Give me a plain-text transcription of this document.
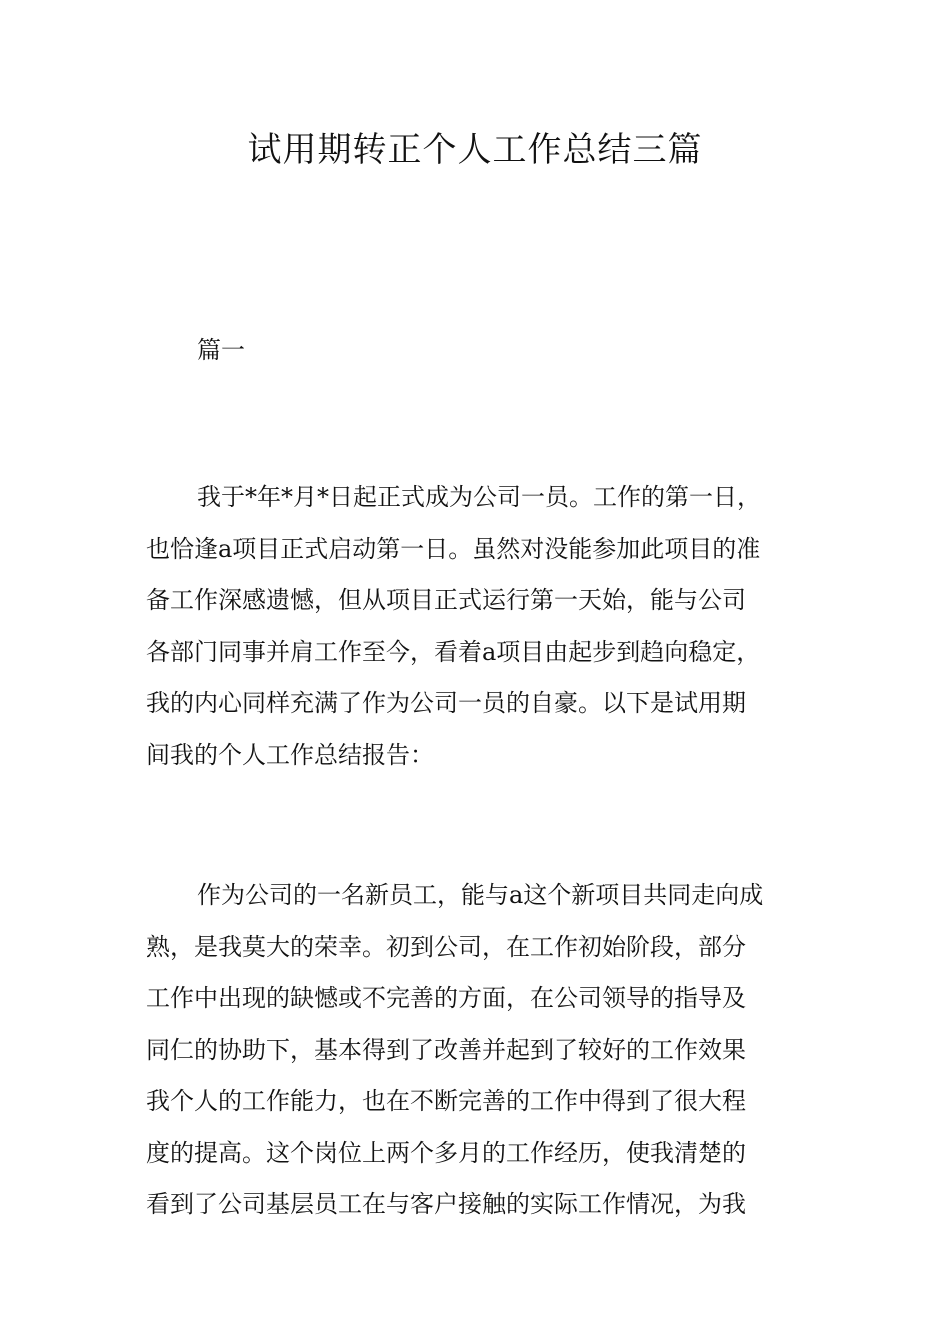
试用期转正个人工作总结三篇
篇一

我于*年*月*日起正式成为公司一员。工作的第一日，
也恰逢a项目正式启动第一日。虽然对没能参加此项目的准
备工作深感遗憾，但从项目正式运行第一天始，能与公司
各部门同事并肩工作至今，看着a项目由起步到趋向稳定，
我的内心同样充满了作为公司一员的自豪。以下是试用期
间我的个人工作总结报告：

作为公司的一名新员工，能与a这个新项目共同走向成
熟，是我莫大的荣幸。初到公司，在工作初始阶段，部分
工作中出现的缺憾或不完善的方面，在公司领导的指导及
同仁的协助下，基本得到了改善并起到了较好的工作效果
我个人的工作能力，也在不断完善的工作中得到了很大程
度的提高。这个岗位上两个多月的工作经历，使我清楚的
看到了公司基层员工在与客户接触的实际工作情况，为我
